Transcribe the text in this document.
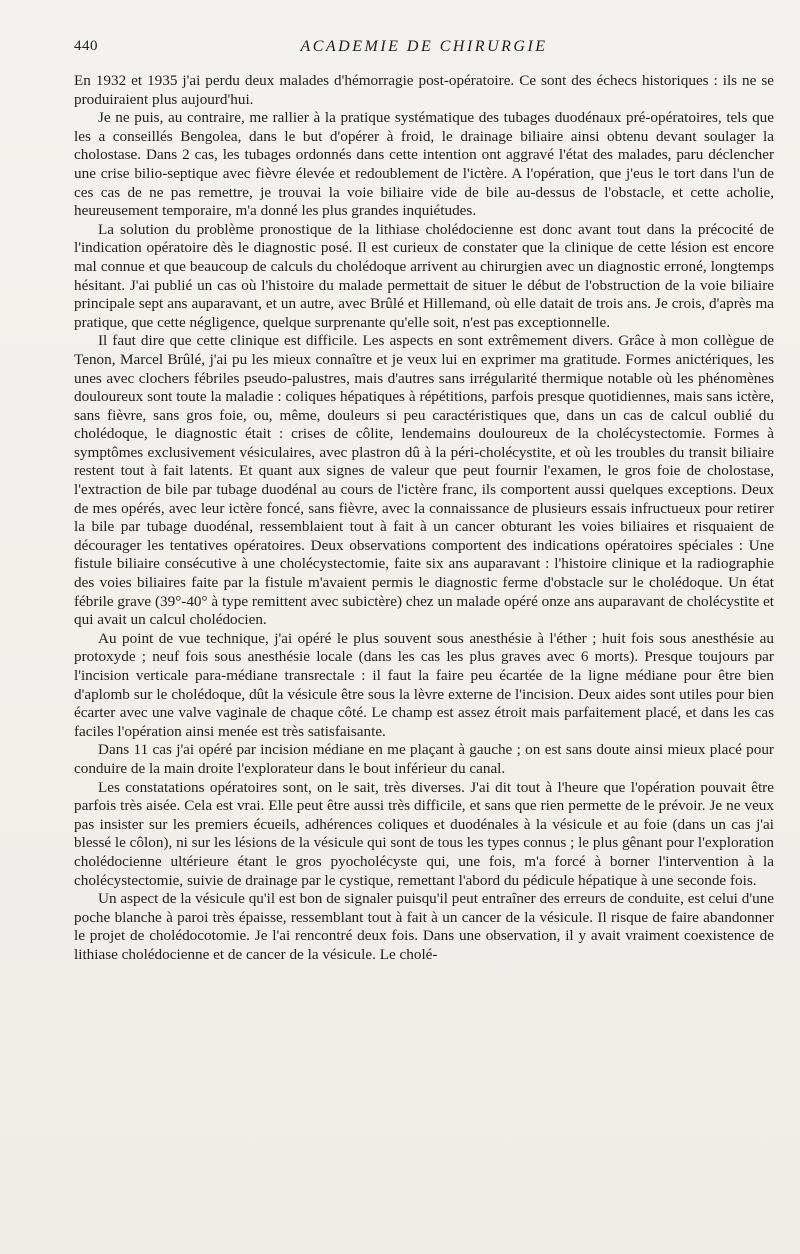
440	ACADEMIE DE CHIRURGIE

En 1932 et 1935 j'ai perdu deux malades d'hémorragie post-opératoire. Ce sont des échecs historiques : ils ne se produiraient plus aujourd'hui.

Je ne puis, au contraire, me rallier à la pratique systématique des tubages duodénaux pré-opératoires, tels que les a conseillés Bengolea, dans le but d'opérer à froid, le drainage biliaire ainsi obtenu devant soulager la cholostase. Dans 2 cas, les tubages ordonnés dans cette intention ont aggravé l'état des malades, paru déclencher une crise bilio-septique avec fièvre élevée et redoublement de l'ictère. A l'opération, que j'eus le tort dans l'un de ces cas de ne pas remettre, je trouvai la voie biliaire vide de bile au-dessus de l'obstacle, et cette acholie, heureusement temporaire, m'a donné les plus grandes inquiétudes.

La solution du problème pronostique de la lithiase cholédocienne est donc avant tout dans la précocité de l'indication opératoire dès le diagnostic posé. Il est curieux de constater que la clinique de cette lésion est encore mal connue et que beaucoup de calculs du cholédoque arrivent au chirurgien avec un diagnostic erroné, longtemps hésitant. J'ai publié un cas où l'histoire du malade permettait de situer le début de l'obstruction de la voie biliaire principale sept ans auparavant, et un autre, avec Brûlé et Hillemand, où elle datait de trois ans. Je crois, d'après ma pratique, que cette négligence, quelque surprenante qu'elle soit, n'est pas exceptionnelle.

Il faut dire que cette clinique est difficile. Les aspects en sont extrêmement divers. Grâce à mon collègue de Tenon, Marcel Brûlé, j'ai pu les mieux connaître et je veux lui en exprimer ma gratitude. Formes anictériques, les unes avec clochers fébriles pseudo-palustres, mais d'autres sans irrégularité thermique notable où les phénomènes douloureux sont toute la maladie : coliques hépatiques à répétitions, parfois presque quotidiennes, mais sans ictère, sans fièvre, sans gros foie, ou, même, douleurs si peu caractéristiques que, dans un cas de calcul oublié du cholédoque, le diagnostic était : crises de côlite, lendemains douloureux de la cholécystectomie. Formes à symptômes exclusivement vésiculaires, avec plastron dû à la péri-cholécystite, et où les troubles du transit biliaire restent tout à fait latents. Et quant aux signes de valeur que peut fournir l'examen, le gros foie de cholostase, l'extraction de bile par tubage duodénal au cours de l'ictère franc, ils comportent aussi quelques exceptions. Deux de mes opérés, avec leur ictère foncé, sans fièvre, avec la connaissance de plusieurs essais infructueux pour retirer la bile par tubage duodénal, ressemblaient tout à fait à un cancer obturant les voies biliaires et risquaient de décourager les tentatives opératoires. Deux observations comportent des indications opératoires spéciales : Une fistule biliaire consécutive à une cholécystectomie, faite six ans auparavant : l'histoire clinique et la radiographie des voies biliaires faite par la fistule m'avaient permis le diagnostic ferme d'obstacle sur le cholédoque. Un état fébrile grave (39°-40° à type remittent avec subictère) chez un malade opéré onze ans auparavant de cholécystite et qui avait un calcul cholédocien.

Au point de vue technique, j'ai opéré le plus souvent sous anesthésie à l'éther ; huit fois sous anesthésie au protoxyde ; neuf fois sous anesthésie locale (dans les cas les plus graves avec 6 morts). Presque toujours par l'incision verticale para-médiane transrectale : il faut la faire peu écartée de la ligne médiane pour être bien d'aplomb sur le cholédoque, dût la vésicule être sous la lèvre externe de l'incision. Deux aides sont utiles pour bien écarter avec une valve vaginale de chaque côté. Le champ est assez étroit mais parfaitement placé, et dans les cas faciles l'opération ainsi menée est très satisfaisante.

Dans 11 cas j'ai opéré par incision médiane en me plaçant à gauche ; on est sans doute ainsi mieux placé pour conduire de la main droite l'explorateur dans le bout inférieur du canal.

Les constatations opératoires sont, on le sait, très diverses. J'ai dit tout à l'heure que l'opération pouvait être parfois très aisée. Cela est vrai. Elle peut être aussi très difficile, et sans que rien permette de le prévoir. Je ne veux pas insister sur les premiers écueils, adhérences coliques et duodénales à la vésicule et au foie (dans un cas j'ai blessé le côlon), ni sur les lésions de la vésicule qui sont de tous les types connus ; le plus gênant pour l'exploration cholédocienne ultérieure étant le gros pyocholécyste qui, une fois, m'a forcé à borner l'intervention à la cholécystectomie, suivie de drainage par le cystique, remettant l'abord du pédicule hépatique à une seconde fois.

Un aspect de la vésicule qu'il est bon de signaler puisqu'il peut entraîner des erreurs de conduite, est celui d'une poche blanche à paroi très épaisse, ressemblant tout à fait à un cancer de la vésicule. Il risque de faire abandonner le projet de cholédocotomie. Je l'ai rencontré deux fois. Dans une observation, il y avait vraiment coexistence de lithiase cholédocienne et de cancer de la vésicule. Le cholé-
